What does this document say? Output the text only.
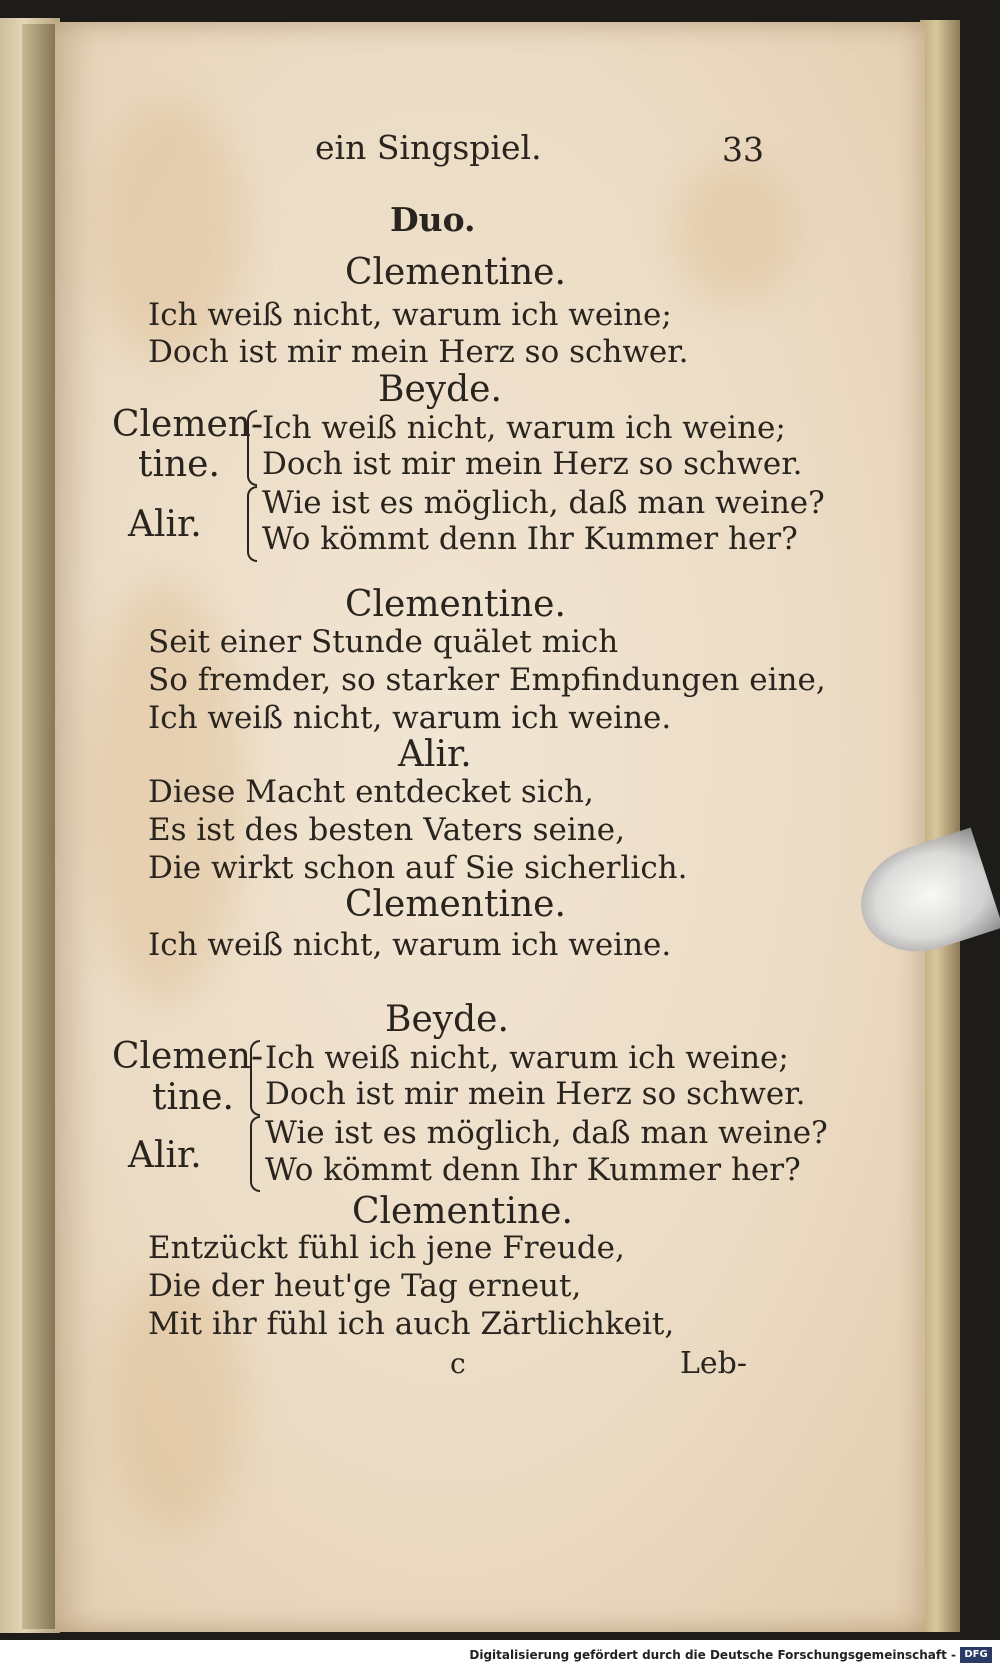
ein Singspiel.	33
Duo.
Clementine.
Ich weiß nicht, warum ich weine;
Doch ist mir mein Herz so schwer.
Beyde.
Clemen-
tine.
Ich weiß nicht, warum ich weine;
Doch ist mir mein Herz so schwer.
Alir.
Wie ist es möglich, daß man weine?
Wo kömmt denn Ihr Kummer her?
Clementine.
Seit einer Stunde quälet mich
So fremder, so starker Empfindungen eine,
Ich weiß nicht, warum ich weine.
Alir.
Diese Macht entdecket sich,
Es ist des besten Vaters seine,
Die wirkt schon auf Sie sicherlich.
Clementine.
Ich weiß nicht, warum ich weine.
Beyde.
Clemen-
tine.
Ich weiß nicht, warum ich weine;
Doch ist mir mein Herz so schwer.
Alir.
Wie ist es möglich, daß man weine?
Wo kömmt denn Ihr Kummer her?
Clementine.
Entzückt fühl ich jene Freude,
Die der heut'ge Tag erneut,
Mit ihr fühl ich auch Zärtlichkeit,
c	Leb-
Digitalisierung gefördert durch die Deutsche Forschungsgemeinschaft - DFG
